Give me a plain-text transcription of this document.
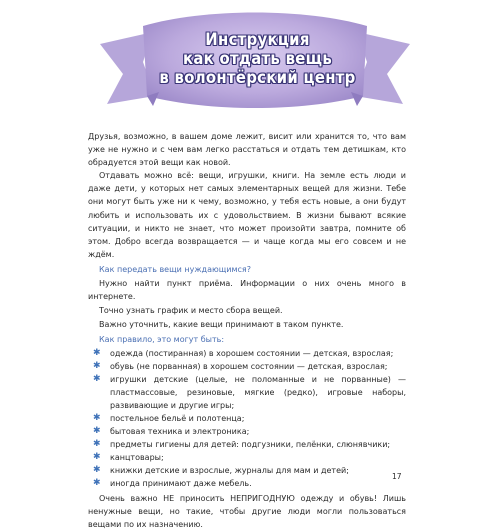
Инструкция
как отдать вещь
в волонтёрский центр

Друзья, возможно, в вашем доме лежит, висит или хранится то, что вам уже не нужно и с чем вам легко расстаться и отдать тем детишкам, кто обрадуется этой вещи как новой.

Отдавать можно всё: вещи, игрушки, книги. На земле есть люди и даже дети, у которых нет самых элементарных вещей для жизни. Тебе они могут быть уже ни к чему, возможно, у тебя есть новые, а они будут любить и использовать их с удовольствием. В жизни бывают всякие ситуации, и никто не знает, что может произойти завтра, помните об этом. Добро всегда возвращается — и чаще когда мы его совсем и не ждём.

Как передать вещи нуждающимся?

Нужно найти пункт приёма. Информации о них очень много в интернете.

Точно узнать график и место сбора вещей.

Важно уточнить, какие вещи принимают в таком пункте.

Как правило, это могут быть:

✱ одежда (постиранная) в хорошем состоянии — детская, взрослая;
✱ обувь (не порванная) в хорошем состоянии — детская, взрослая;
✱ игрушки детские (целые, не поломанные и не порванные) — пластмассовые, резиновые, мягкие (редко), игровые наборы, развивающие и другие игры;
✱ постельное бельё и полотенца;
✱ бытовая техника и электроника;
✱ предметы гигиены для детей: подгузники, пелёнки, слюнявчики;
✱ канцтовары;
✱ книжки детские и взрослые, журналы для мам и детей;
✱ иногда принимают даже мебель.

Очень важно НЕ приносить НЕПРИГОДНУЮ одежду и обувь! Лишь ненужные вещи, но такие, чтобы другие люди могли пользоваться вещами по их назначению.

17
